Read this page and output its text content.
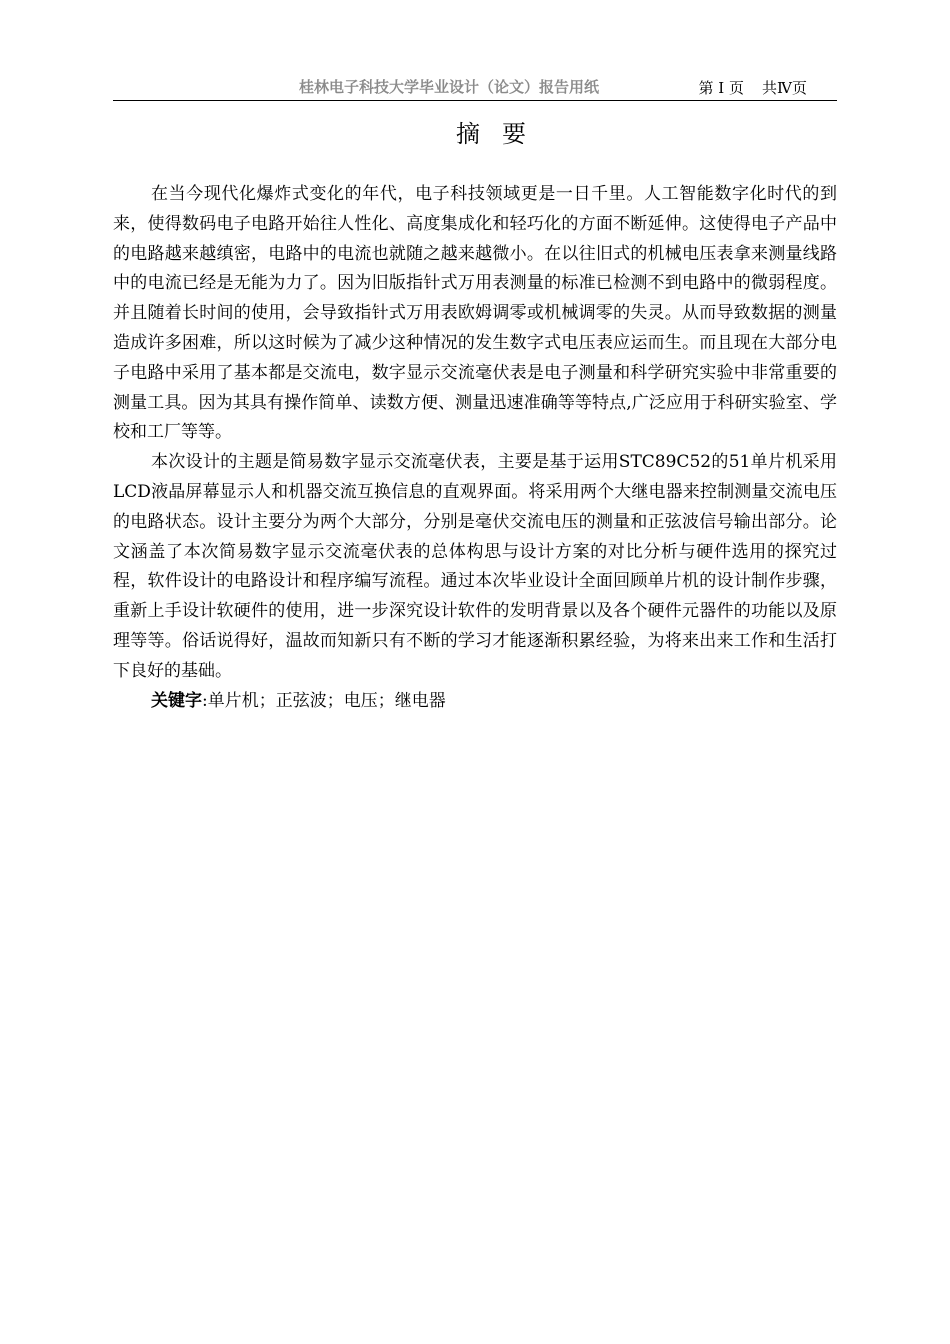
桂林电子科技大学毕业设计（论文）报告用纸	第 I 页 共Ⅳ页
摘要

在当今现代化爆炸式变化的年代，电子科技领域更是一日千里。人工智能数字化时代的到来，使得数码电子电路开始往人性化、高度集成化和轻巧化的方面不断延伸。这使得电子产品中的电路越来越缜密，电路中的电流也就随之越来越微小。在以往旧式的机械电压表拿来测量线路中的电流已经是无能为力了。因为旧版指针式万用表测量的标准已检测不到电路中的微弱程度。并且随着长时间的使用，会导致指针式万用表欧姆调零或机械调零的失灵。从而导致数据的测量造成许多困难，所以这时候为了减少这种情况的发生数字式电压表应运而生。而且现在大部分电子电路中采用了基本都是交流电，数字显示交流毫伏表是电子测量和科学研究实验中非常重要的测量工具。因为其具有操作简单、读数方便、测量迅速准确等等特点,广泛应用于科研实验室、学校和工厂等等。

本次设计的主题是简易数字显示交流毫伏表，主要是基于运用STC89C52的51单片机采用LCD液晶屏幕显示人和机器交流互换信息的直观界面。将采用两个大继电器来控制测量交流电压的电路状态。设计主要分为两个大部分，分别是毫伏交流电压的测量和正弦波信号输出部分。论文涵盖了本次简易数字显示交流毫伏表的总体构思与设计方案的对比分析与硬件选用的探究过程，软件设计的电路设计和程序编写流程。通过本次毕业设计全面回顾单片机的设计制作步骤，重新上手设计软硬件的使用，进一步深究设计软件的发明背景以及各个硬件元器件的功能以及原理等等。俗话说得好，温故而知新只有不断的学习才能逐渐积累经验，为将来出来工作和生活打下良好的基础。

关键字:单片机；正弦波；电压；继电器
